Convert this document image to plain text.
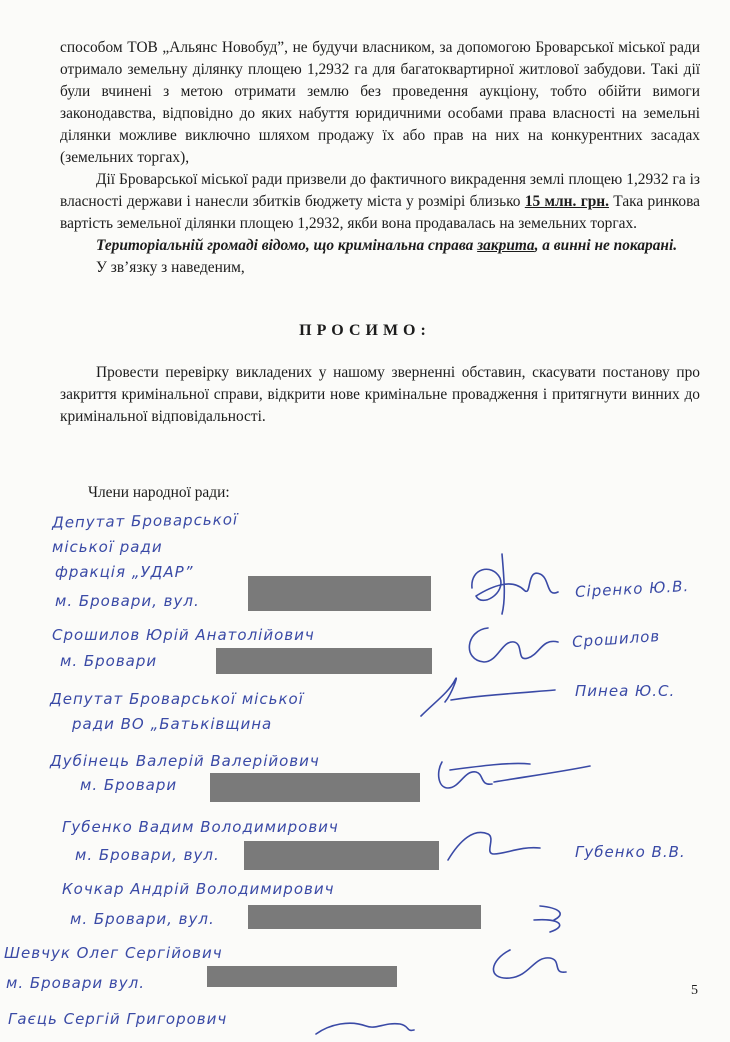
способом ТОВ „Альянс Новобуд”, не будучи власником, за допомогою Броварської міської ради отримало земельну ділянку площею 1,2932 га для багатоквартирної житлової забудови. Такі дії були вчинені з метою отримати землю без проведення аукціону, тобто обійти вимоги законодавства, відповідно до яких набуття юридичними особами права власності на земельні ділянки можливе виключно шляхом продажу їх або прав на них на конкурентних засадах (земельних торгах),

Дії Броварської міської ради призвели до фактичного викрадення землі площею 1,2932 га із власності держави і нанесли збитків бюджету міста у розмірі близько 15 млн. грн. Така ринкова вартість земельної ділянки площею 1,2932, якби вона продавалась на земельних торгах.

Територіальній громаді відомо, що кримінальна справа закрита, а винні не покарані.

У зв’язку з наведеним,

ПРОСИМО:

Провести перевірку викладених у нашому зверненні обставин, скасувати постанову про закриття кримінальної справи, відкрити нове кримінальне провадження і притягнути винних до кримінальної відповідальності.

Члени народної ради:

Депутат Броварської

міської ради

фракція „УДАР”

м. Бровари, вул.

Сіренко Ю.В.

Срошилов Юрій Анатолійович

м. Бровари

Срошилов

Депутат Броварської міської

ради ВО „Батьківщина

Пинеа Ю.С.

Дубінець Валерій Валерійович

м. Бровари

Губенко Вадим Володимирович

м. Бровари, вул.	Губенко В.В.

Кочкар Андрій Володимирович

м. Бровари, вул.

Шевчук Олег Сергійович

м. Бровари вул.

Гаєць Сергій Григорович

5
